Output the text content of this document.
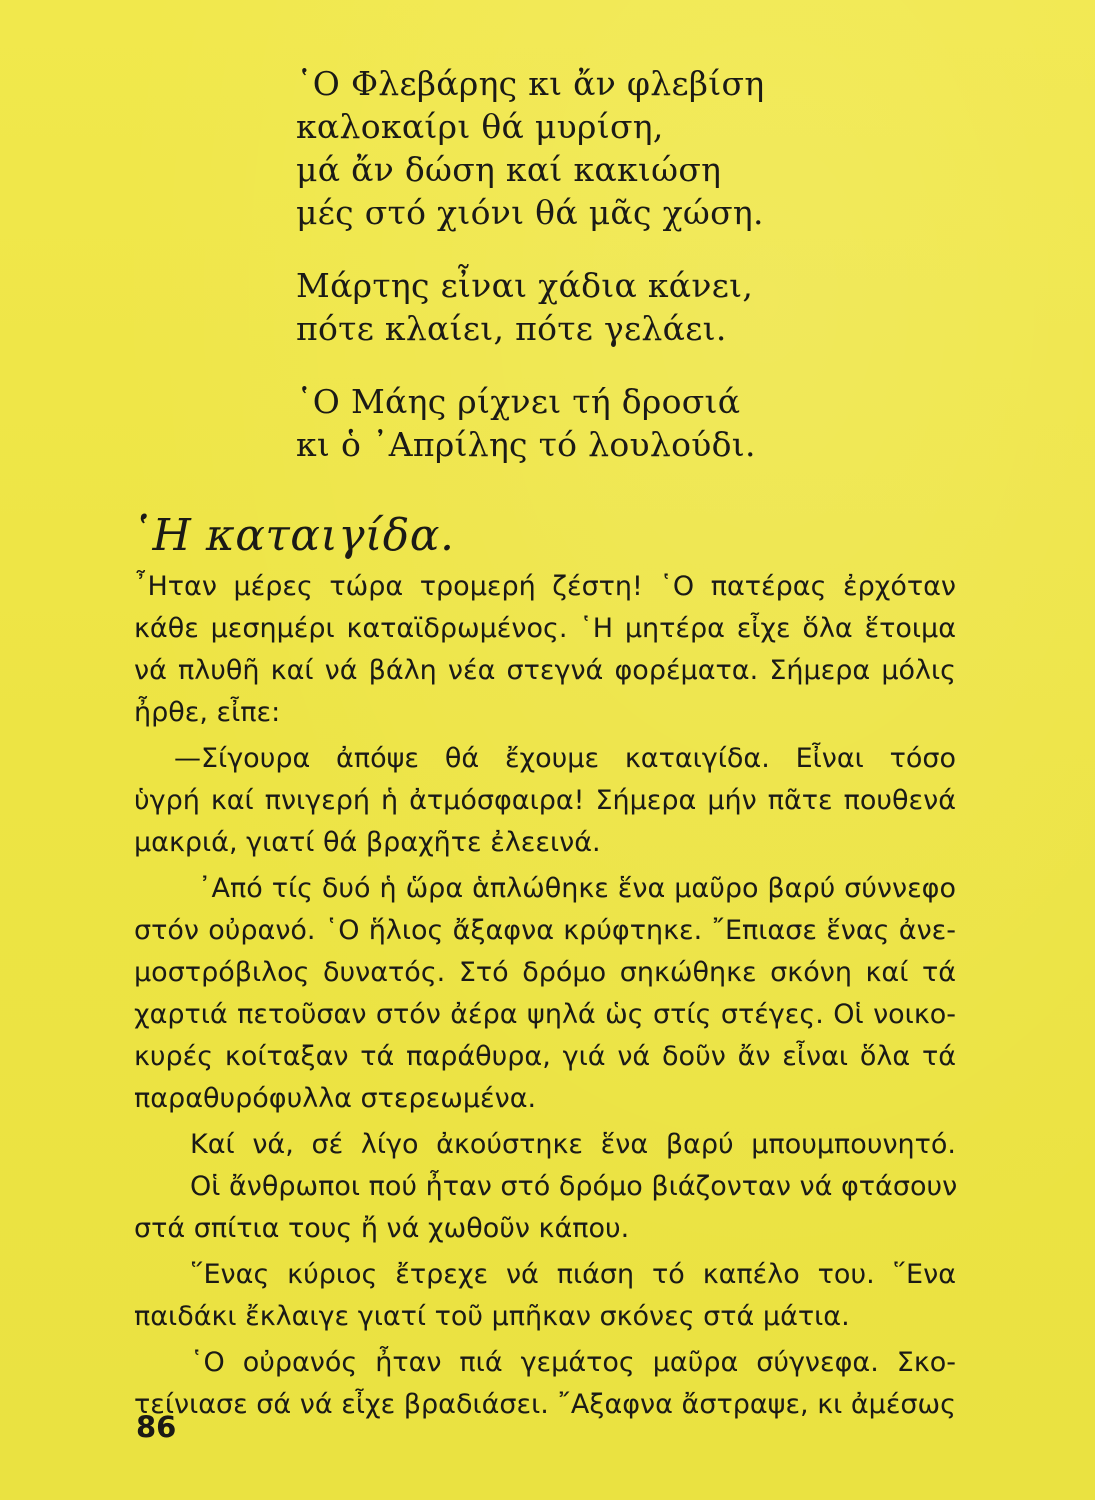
῾Ο Φλεβάρης κι ἄν φλεβίση
καλοκαίρι θά μυρίση,
μά ἄν δώση καί κακιώση
μές στό χιόνι θά μᾶς χώση.
Μάρτης εἶναι χάδια κάνει,
πότε κλαίει, πότε γελάει.
῾Ο Μάης ρίχνει τή δροσιά
κι ὁ ᾿Απρίλης τό λουλούδι.
῾Η καταιγίδα.
῏Ηταν μέρες τώρα τρομερή ζέστη! ῾Ο πατέρας ἐρχόταν
κάθε μεσημέρι καταϊδρωμένος. ῾Η μητέρα εἶχε ὅλα ἕτοιμα
νά πλυθῆ καί νά βάλη νέα στεγνά φορέματα. Σήμερα μόλις
ἦρθε, εἶπε:
—Σίγουρα ἀπόψε θά ἔχουμε καταιγίδα. Εἶναι τόσο
ὑγρή καί πνιγερή ἡ ἀτμόσφαιρα! Σήμερα μήν πᾶτε πουθενά
μακριά, γιατί θά βραχῆτε ἐλεεινά.
᾿Από τίς δυό ἡ ὥρα ἁπλώθηκε ἕνα μαῦρο βαρύ σύννεφο
στόν οὐρανό. ῾Ο ἥλιος ἄξαφνα κρύφτηκε. ῎Επιασε ἕνας ἀνε-
μοστρόβιλος δυνατός. Στό δρόμο σηκώθηκε σκόνη καί τά
χαρτιά πετοῦσαν στόν ἀέρα ψηλά ὡς στίς στέγες. Οἱ νοικο-
κυρές κοίταξαν τά παράθυρα, γιά νά δοῦν ἄν εἶναι ὅλα τά
παραθυρόφυλλα στερεωμένα.
Καί νά, σέ λίγο ἀκούστηκε ἕνα βαρύ μπουμπουνητό.
Οἱ ἄνθρωποι πού ἦταν στό δρόμο βιάζονταν νά φτάσουν
στά σπίτια τους ἤ νά χωθοῦν κάπου.
῞Ενας κύριος ἔτρεχε νά πιάση τό καπέλο του. ῞Ενα
παιδάκι ἔκλαιγε γιατί τοῦ μπῆκαν σκόνες στά μάτια.
῾Ο οὐρανός ἦταν πιά γεμάτος μαῦρα σύγνεφα. Σκο-
τείνιασε σά νά εἶχε βραδιάσει. ῎Αξαφνα ἄστραψε, κι ἀμέσως
86
